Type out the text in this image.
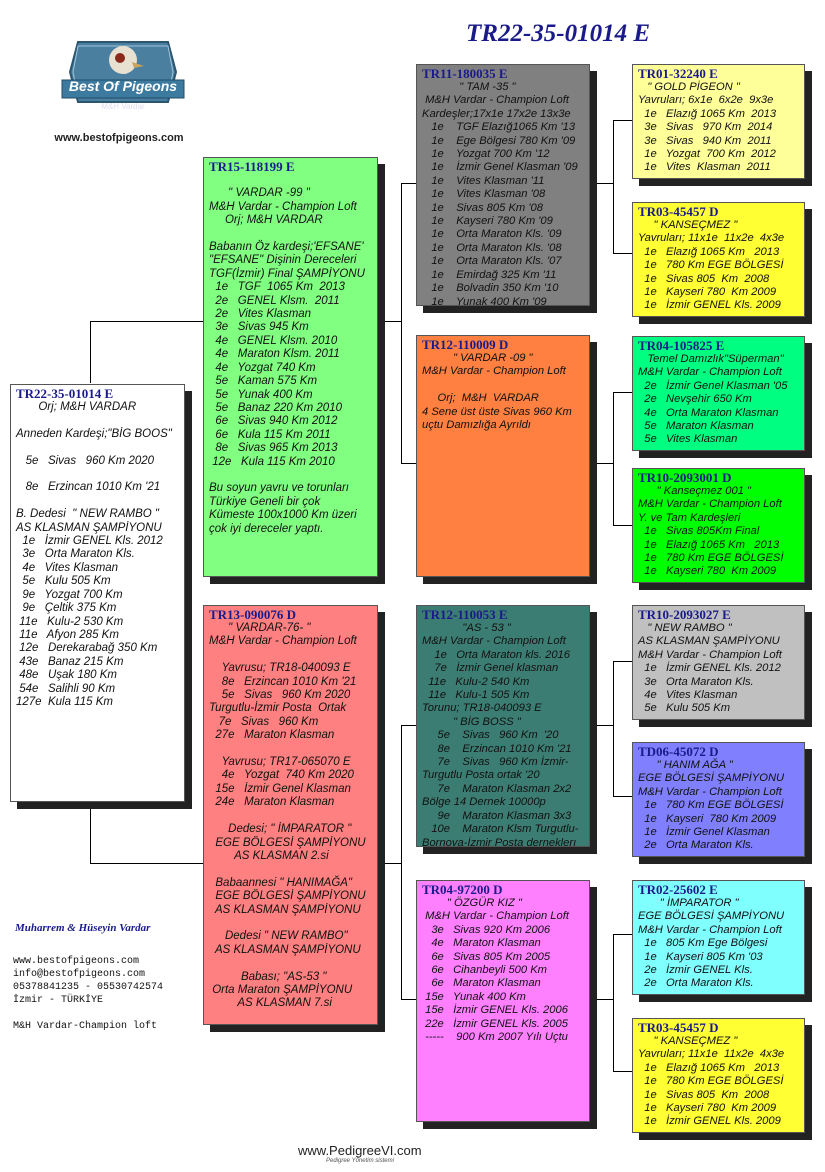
TR22-35-01014 E
Best Of Pigeons
M&H Vardar
www.bestofpigeons.com
TR22-35-01014 E
Orj; M&H VARDAR

Anneden Kardeşi;"BİG BOOS"

5e   Sivas   960 Km 2020

8e   Erzincan 1010 Km '21

B. Dedesi  " NEW RAMBO "
AS KLASMAN ŞAMPİYONU
1e   İzmir GENEL Kls. 2012
3e   Orta Maraton Kls.
4e   Vites Klasman
5e   Kulu 505 Km
9e   Yozgat 700 Km
9e   Çeltik 375 Km
11e   Kulu-2 530 Km
11e   Afyon 285 Km
12e   Derekarabağ 350 Km
43e   Banaz 215 Km
48e   Uşak 180 Km
54e   Salihli 90 Km
127e  Kula 115 Km
TR15-118199 E

" VARDAR -99 "
M&H Vardar - Champion Loft
Orj; M&H VARDAR

Babanın Öz kardeşi;'EFSANE'
"EFSANE" Dişinin Dereceleri
TGF(İzmir) Final ŞAMPİYONU
1e   TGF  1065 Km  2013
2e   GENEL Klsm.  2011
2e   Vites Klasman
3e   Sivas 945 Km
4e   GENEL Klsm. 2010
4e   Maraton Klsm. 2011
4e   Yozgat 740 Km
5e   Kaman 575 Km
5e   Yunak 400 Km
5e   Banaz 220 Km 2010
6e   Sivas 940 Km 2012
6e   Kula 115 Km 2011
8e   Sivas 965 Km 2013
12e   Kula 115 Km 2010

Bu soyun yavru ve torunları
Türkiye Geneli bir çok
Kümeste 100x1000 Km üzeri
çok iyi dereceler yaptı.
TR13-090076 D
" VARDAR-76- "
M&H Vardar - Champion Loft

Yavrusu; TR18-040093 E
8e   Erzincan 1010 Km '21
5e   Sivas   960 Km 2020
Turgutlu-İzmir Posta  Ortak
7e   Sivas   960 Km
27e   Maraton Klasman

Yavrusu; TR17-065070 E
4e   Yozgat  740 Km 2020
15e   İzmir Genel Klasman
24e   Maraton Klasman

Dedesi; " İMPARATOR "
EGE BÖLGESİ ŞAMPİYONU
AS KLASMAN 2.si

Babaannesi " HANIMAĞA"
EGE BÖLGESİ ŞAMPİYONU
AS KLASMAN ŞAMPİYONU

Dedesi " NEW RAMBO"
AS KLASMAN ŞAMPİYONU

Babası; "AS-53 "
Orta Maraton ŞAMPİYONU
AS KLASMAN 7.si
TR11-180035 E
" TAM -35 "
M&H Vardar - Champion Loft
Kardeşler;17x1e 17x2e 13x3e
1e    TGF Elazığ1065 Km '13
1e    Ege Bölgesi 780 Km '09
1e    Yozgat 700 Km '12
1e    İzmir Genel Klasman '09
1e    Vites Klasman '11
1e    Vites Klasman '08
1e    Sivas 805 Km '08
1e    Kayseri 780 Km '09
1e    Orta Maraton Kls. '09
1e    Orta Maraton Kls. '08
1e    Orta Maraton Kls. '07
1e    Emirdağ 325 Km '11
1e    Bolvadin 350 Km '10
1e    Yunak 400 Km '09
TR12-110009 D
" VARDAR -09 "
M&H Vardar - Champion Loft

Orj;  M&H  VARDAR
4 Sene üst üste Sivas 960 Km
uçtu Damızlığa Ayrıldı
TR12-110053 E
"AS - 53 "
M&H Vardar - Champion Loft
1e   Orta Maraton kls. 2016
7e   İzmir Genel klasman
11e   Kulu-2 540 Km
11e   Kulu-1 505 Km
Torunu; TR18-040093 E
" BİG BOSS "
5e    Sivas   960 Km  '20
8e    Erzincan 1010 Km '21
7e    Sivas   960 Km İzmir-
Turgutlu Posta ortak '20
7e    Maraton Klasman 2x2
Bölge 14 Dernek 10000p
9e    Maraton Klasman 3x3
10e    Maraton Klsm Turgutlu-
Bornova-İzmir Posta derneklerı
TR04-97200 D
" ÖZGÜR KIZ "
M&H Vardar - Champion Loft
3e   Sivas 920 Km 2006
4e   Maraton Klasman
6e   Sivas 805 Km 2005
6e   Cihanbeyli 500 Km
6e   Maraton Klasman
15e   Yunak 400 Km
15e   İzmir GENEL Kls. 2006
22e   İzmir GENEL Kls. 2005
-----    900 Km 2007 Yılı Uçtu
TR01-32240 E
" GOLD PİGEON "
Yavruları; 6x1e  6x2e  9x3e
1e   Elazığ 1065 Km  2013
3e   Sivas   970 Km  2014
3e   Sivas   940 Km  2011
1e   Yozgat  700 Km  2012
1e   Vites  Klasman  2011
TR03-45457 D
" KANSEÇMEZ "
Yavruları; 11x1e  11x2e  4x3e
1e   Elazığ 1065 Km   2013
1e   780 Km EGE BÖLGESİ
1e   Sivas 805  Km  2008
1e   Kayseri 780  Km 2009
1e   İzmir GENEL Kls. 2009
TR04-105825 E
Temel Damızlık"Süperman"
M&H Vardar - Champion Loft
2e   İzmir Genel Klasman '05
2e   Nevşehir 650 Km
4e   Orta Maraton Klasman
5e   Maraton Klasman
5e   Vites Klasman
TR10-2093001 D
" Kanseçmez 001 "
M&H Vardar - Champion Loft
Y. ve Tam Kardeşleri
1e   Sivas 805Km Final
1e   Elazığ 1065 Km   2013
1e   780 Km EGE BÖLGESİ
1e   Kayseri 780  Km 2009
TR10-2093027 E
" NEW RAMBO "
AS KLASMAN ŞAMPİYONU
M&H Vardar - Champion Loft
1e   İzmir GENEL Kls. 2012
3e   Orta Maraton Kls.
4e   Vites Klasman
5e   Kulu 505 Km
TD06-45072 D
" HANIM AĞA "
EGE BÖLGESİ ŞAMPİYONU
M&H Vardar - Champion Loft
1e   780 Km EGE BÖLGESİ
1e   Kayseri  780 Km 2009
1e   İzmir Genel Klasman
2e   Orta Maraton Kls.
TR02-25602 E
" İMPARATOR "
EGE BÖLGESİ ŞAMPİYONU
M&H Vardar - Champion Loft
1e   805 Km Ege Bölgesi
1e   Kayseri 805 Km '03
2e   İzmir GENEL Kls.
2e   Orta Maraton Kls.
TR03-45457 D
" KANSEÇMEZ "
Yavruları; 11x1e  11x2e  4x3e
1e   Elazığ 1065 Km   2013
1e   780 Km EGE BÖLGESİ
1e   Sivas 805  Km  2008
1e   Kayseri 780  Km 2009
1e   İzmir GENEL Kls. 2009
Muharrem & Hüseyin Vardar
www.bestofpigeons.com
info@bestofpigeons.com
05378841235 - 05530742574
İzmir - TÜRKİYE

M&H Vardar-Champion loft
www.PedigreeVI.com
Pedigree Yönetim sistemi
